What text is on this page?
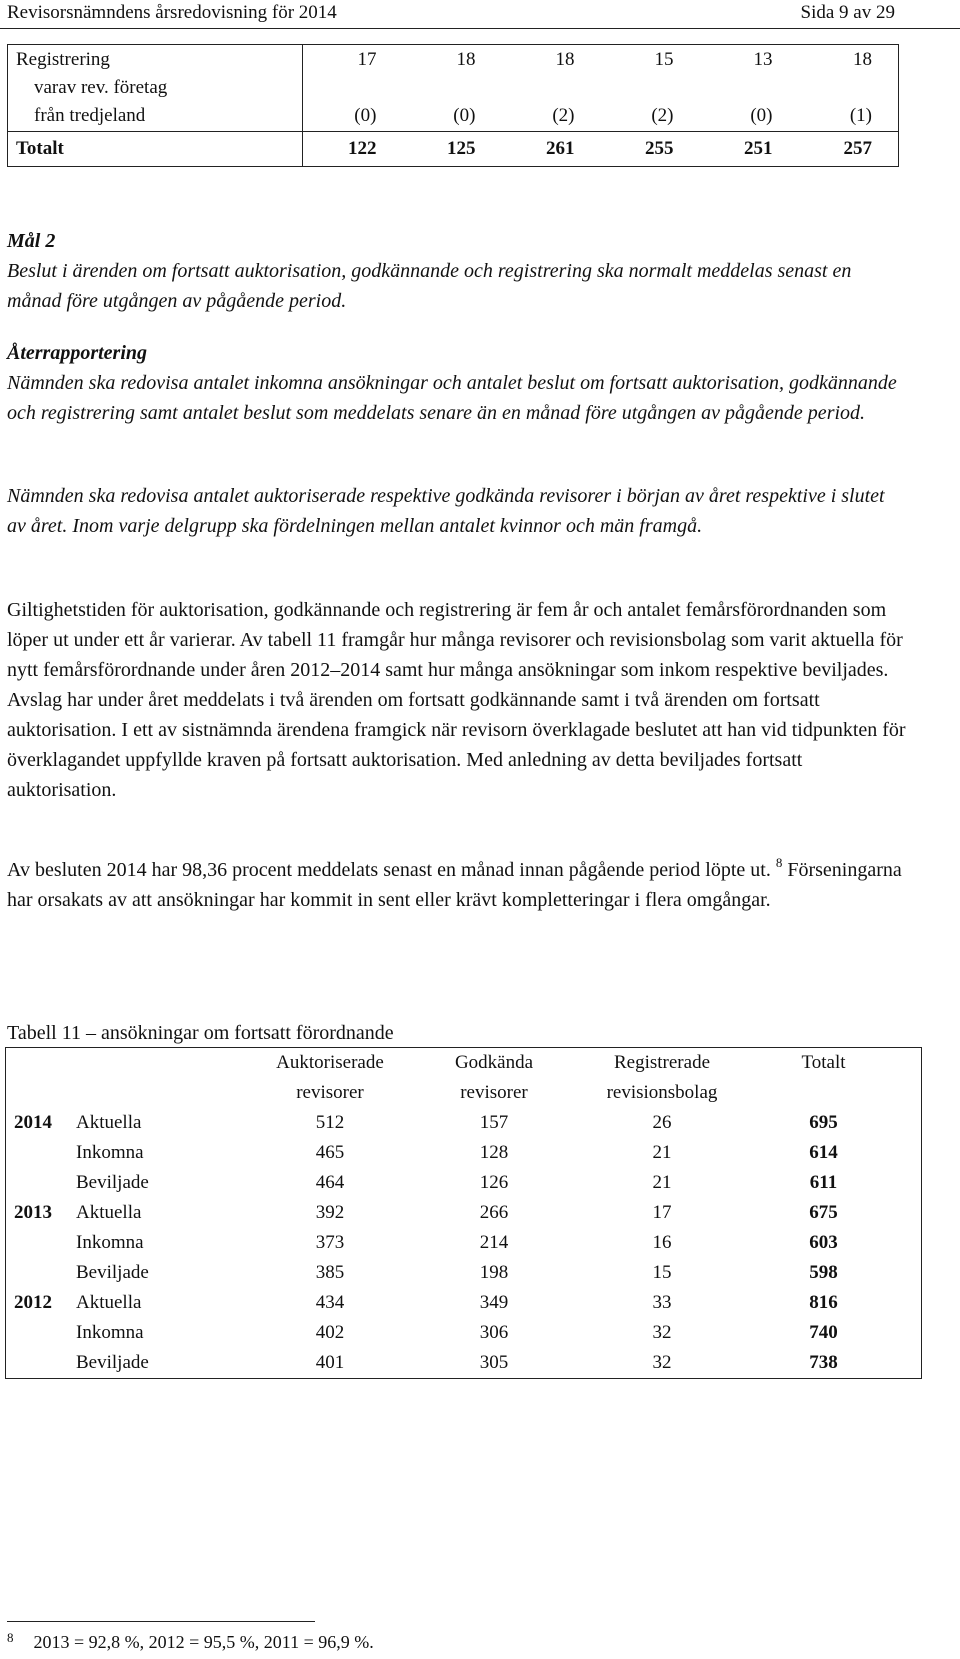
Revisorsnämndens årsredovisning för 2014	Sida 9 av 29
Registrering	17	18	18	15	13	18
varav rev. företag						
från tredjeland	(0)	(0)	(2)	(2)	(0)	(1)
Totalt	122	125	261	255	251	257

Mål 2

Beslut i ärenden om fortsatt auktorisation, godkännande och registrering ska normalt meddelas senast en månad före utgången av pågående period.

Återrapportering

Nämnden ska redovisa antalet inkomna ansökningar och antalet beslut om fortsatt auktorisation, godkännande och registrering samt antalet beslut som meddelats senare än en månad före utgången av pågående period.

Nämnden ska redovisa antalet auktoriserade respektive godkända revisorer i början av året respektive i slutet av året. Inom varje delgrupp ska fördelningen mellan antalet kvinnor och män framgå.

Giltighetstiden för auktorisation, godkännande och registrering är fem år och antalet femårsförordnanden som löper ut under ett år varierar. Av tabell 11 framgår hur många revisorer och revisionsbolag som varit aktuella för nytt femårsförordnande under åren 2012–2014 samt hur många ansökningar som inkom respektive beviljades. Avslag har under året meddelats i två ärenden om fortsatt godkännande samt i två ärenden om fortsatt auktorisation. I ett av sistnämnda ärendena framgick när revisorn överklagade beslutet att han vid tidpunkten för överklagandet uppfyllde kraven på fortsatt auktorisation. Med anledning av detta beviljades fortsatt auktorisation.

Av besluten 2014 har 98,36 procent meddelats senast en månad innan pågående period löpte ut. $^8$ Förseningarna har orsakats av att ansökningar har kommit in sent eller krävt kompletteringar i flera omgångar.

Tabell 11 – ansökningar om fortsatt förordnande
		Auktoriserade	Godkända	Registrerade	Totalt
		revisorer	revisorer	revisionsbolag	
2014	Aktuella	512	157	26	695
	Inkomna	465	128	21	614
	Beviljade	464	126	21	611
2013	Aktuella	392	266	17	675
	Inkomna	373	214	16	603
	Beviljade	385	198	15	598
2012	Aktuella	434	349	33	816
	Inkomna	402	306	32	740
	Beviljade	401	305	32	738
$^8$ 2013 = 92,8 %, 2012 = 95,5 %, 2011 = 96,9 %.
